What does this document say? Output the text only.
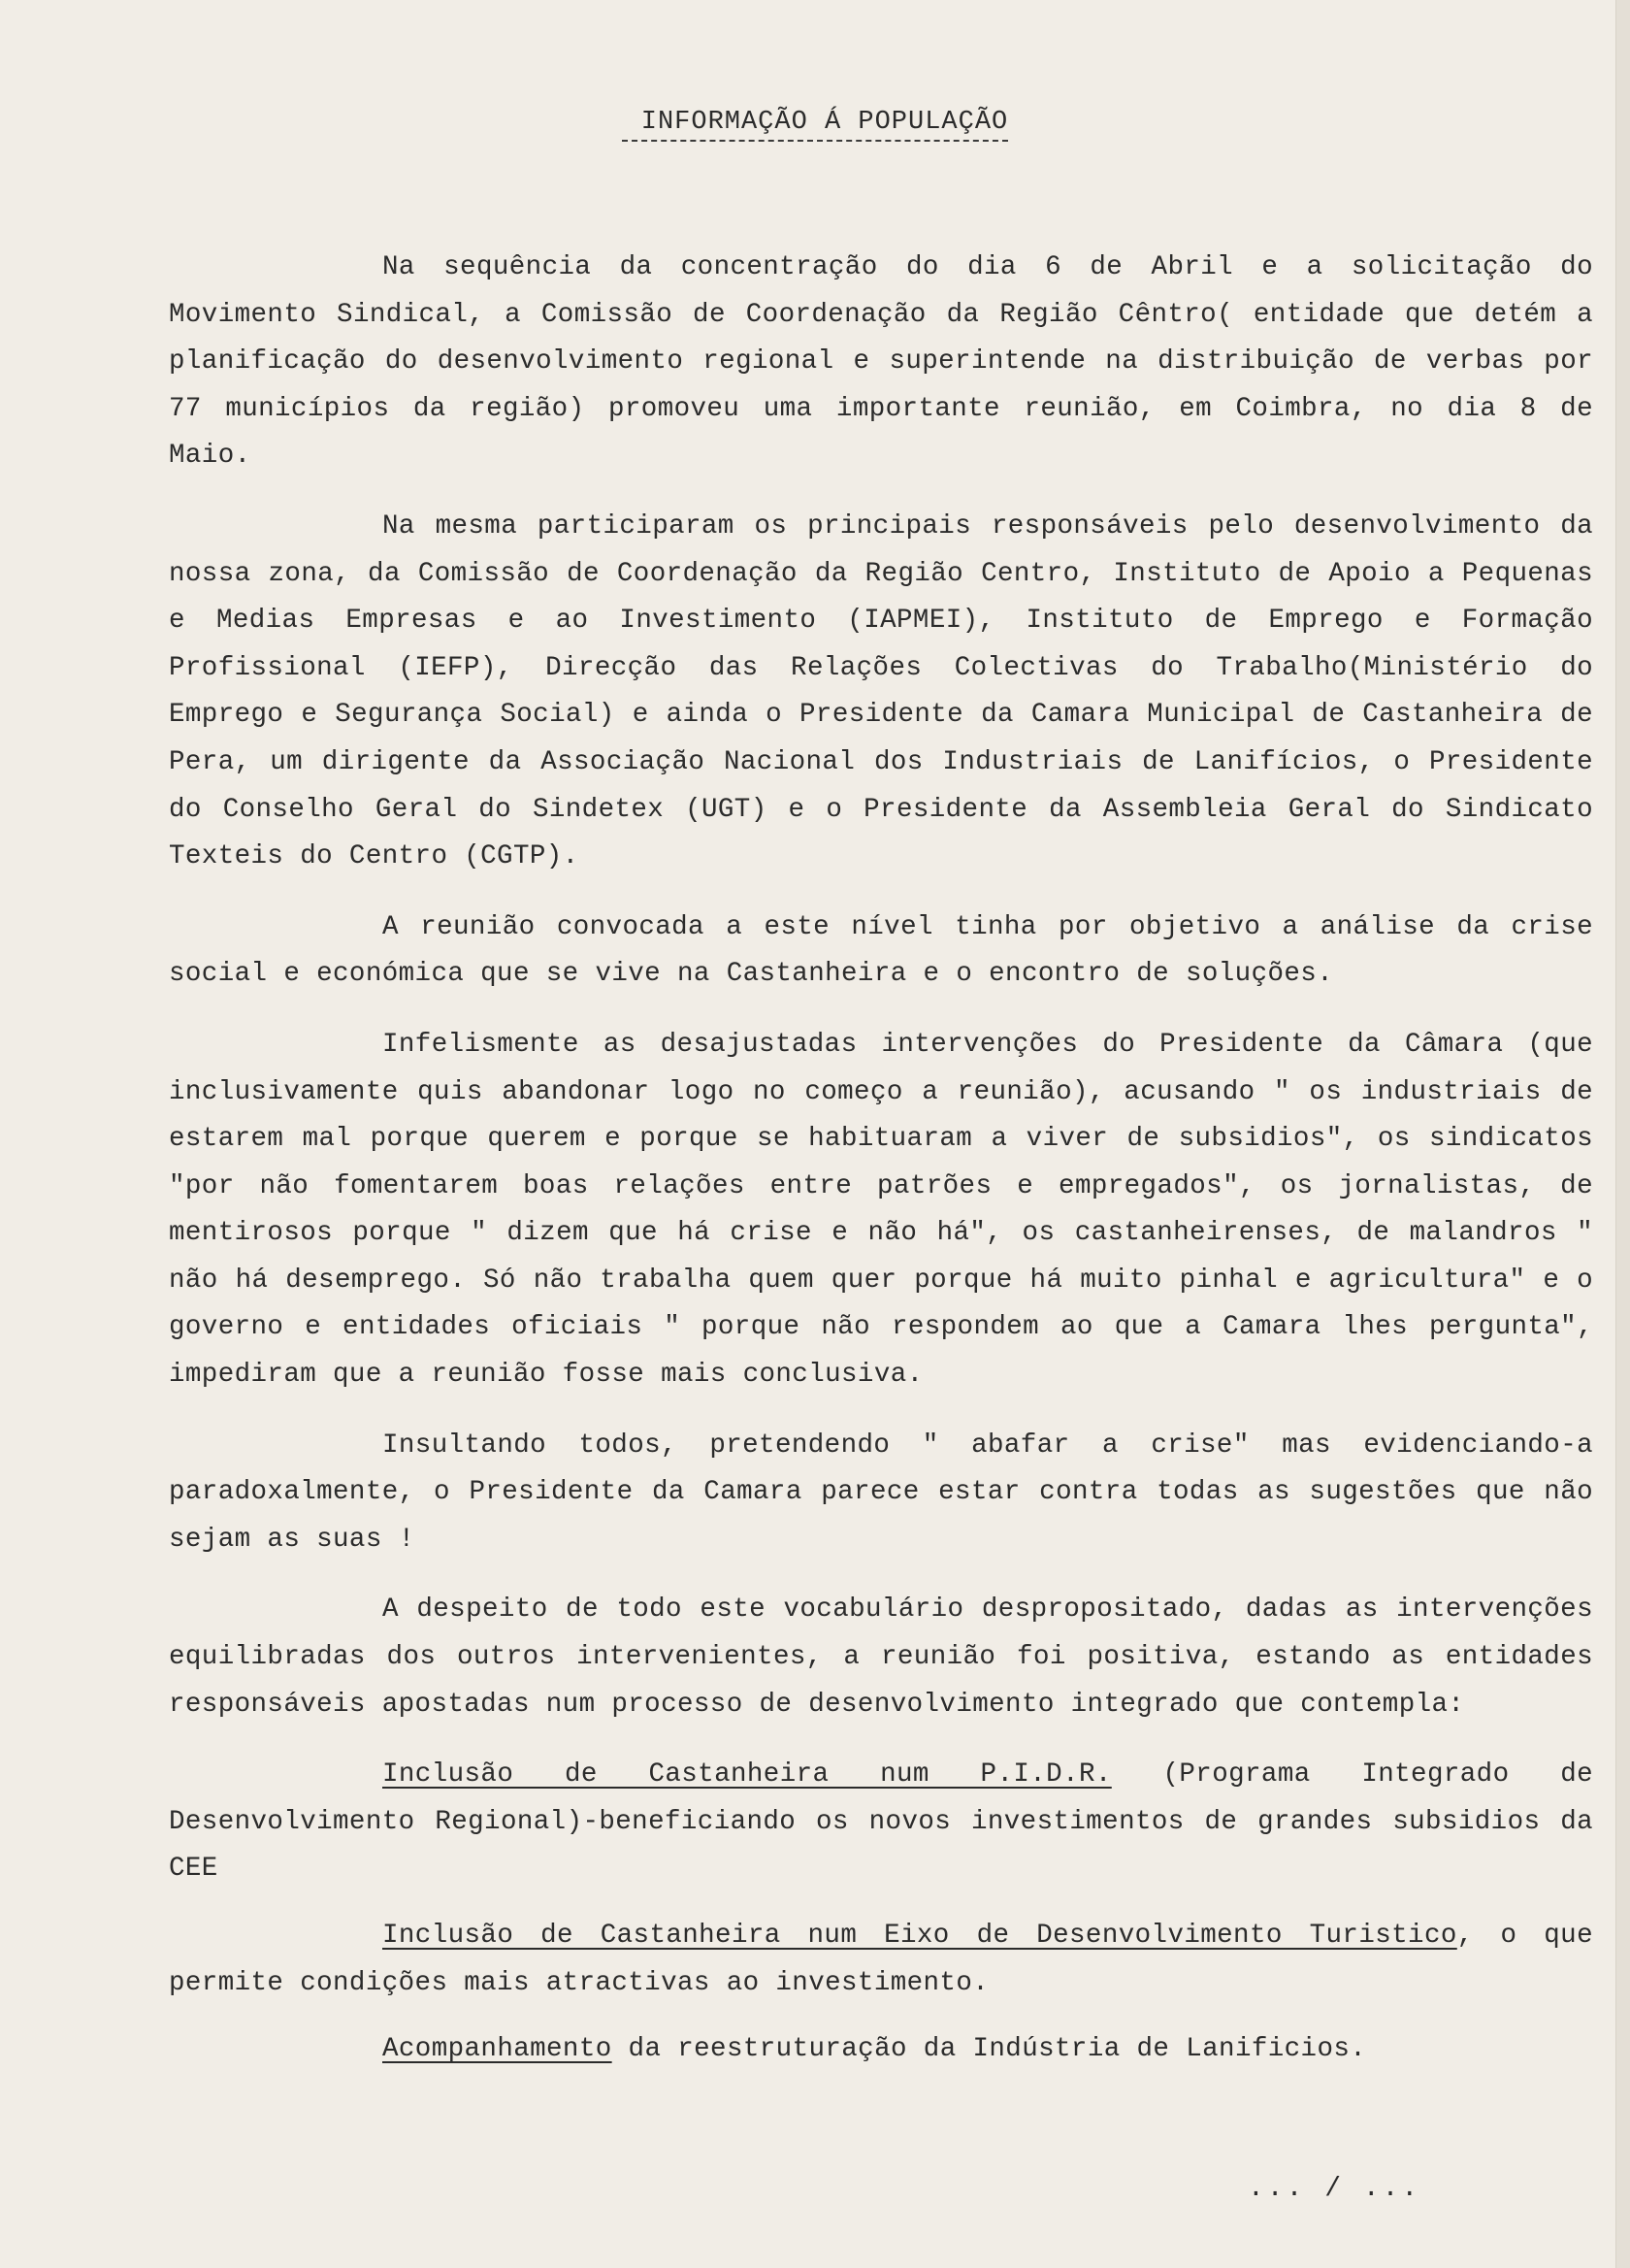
INFORMAÇÃO Á POPULAÇÃO

Na sequência da concentração do dia 6 de Abril e a solicitação do Movimento Sindical, a Comissão de Coordenação da Região Cêntro( entidade que detém a planificação do desenvolvimento regional e superintende na distribuição de verbas por 77 municípios da região) promoveu uma importante reunião, em Coimbra, no dia 8 de Maio.

Na mesma participaram os principais responsáveis pelo desenvolvimento da nossa zona, da Comissão de Coordenação da Região Centro, Instituto de Apoio a Pequenas e Medias Empresas e ao Investimento (IAPMEI), Instituto de Emprego e Formação Profissional (IEFP), Direcção das Relações Colectivas do Trabalho(Ministério do Emprego e Segurança Social) e ainda o Presidente da Camara Municipal de Castanheira de Pera, um dirigente da Associação Nacional dos Industriais de Lanifícios, o Presidente do Conselho Geral do Sindetex (UGT) e o Presidente da Assembleia Geral do Sindicato Texteis do Centro (CGTP).

A reunião convocada a este nível tinha por objetivo a análise da crise social e económica que se vive na Castanheira e o encontro de soluções.

Infelismente as desajustadas intervenções do Presidente da Câmara (que inclusivamente quis abandonar logo no começo a reunião), acusando " os industriais de estarem mal porque querem e porque se habituaram a viver de subsidios", os sindicatos "por não fomentarem boas relações entre patrões e empregados", os jornalistas, de mentirosos porque " dizem que há crise e não há", os castanheirenses, de malandros " não há desemprego. Só não trabalha quem quer porque há muito pinhal e agricultura" e o governo e entidades oficiais " porque não respondem ao que a Camara lhes pergunta", impediram que a reunião fosse mais conclusiva.

Insultando todos, pretendendo " abafar a crise" mas evidenciando-a paradoxalmente, o Presidente da Camara parece estar contra todas as sugestões que não sejam as suas !

A despeito de todo este vocabulário despropositado, dadas as intervenções equilibradas dos outros intervenientes, a reunião foi positiva, estando as entidades responsáveis apostadas num processo de desenvolvimento integrado que contempla:

Inclusão de Castanheira num P.I.D.R. (Programa Integrado de Desenvolvimento Regional)-beneficiando os novos investimentos de grandes subsidios da CEE

Inclusão de Castanheira num Eixo de Desenvolvimento Turistico, o que permite condições mais atractivas ao investimento.

Acompanhamento da reestruturação da Indústria de Lanificios.

... / ...
